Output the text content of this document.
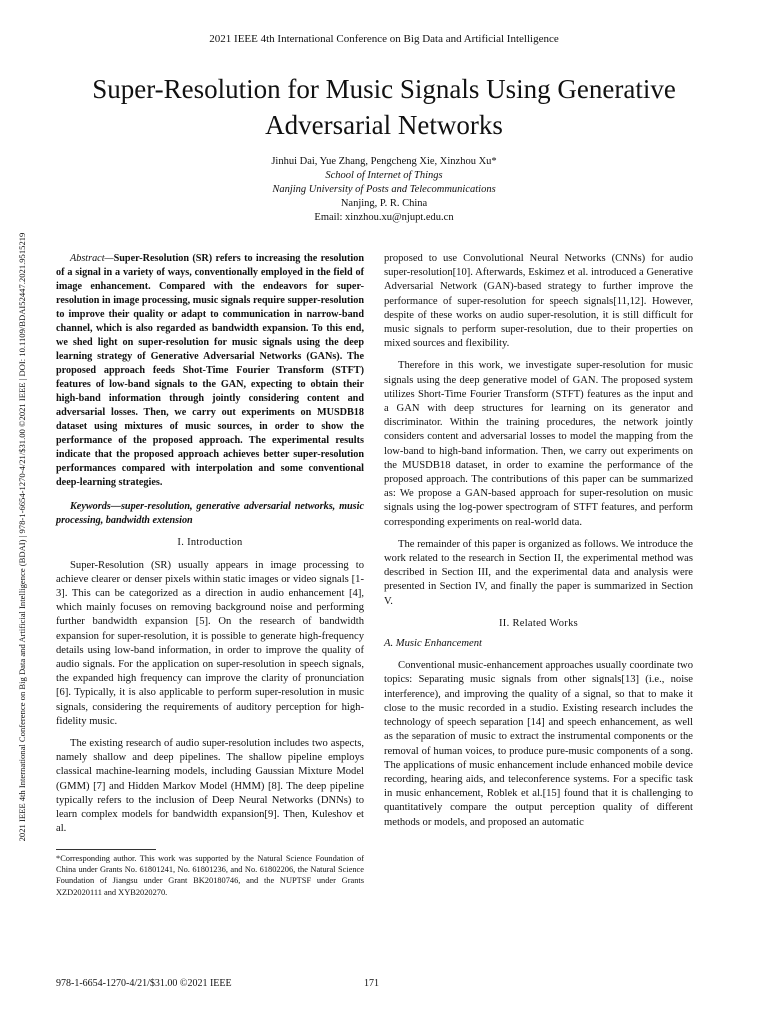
2021 IEEE 4th International Conference on Big Data and Artificial Intelligence
Super-Resolution for Music Signals Using Generative
Adversarial Networks
Jinhui Dai, Yue Zhang, Pengcheng Xie, Xinzhou Xu*
School of Internet of Things
Nanjing University of Posts and Telecommunications
Nanjing, P. R. China
Email: xinzhou.xu@njupt.edu.cn
2021 IEEE 4th International Conference on Big Data and Artificial Intelligence (BDAI) | 978-1-6654-1270-4/21/$31.00 ©2021 IEEE | DOI: 10.1109/BDAI52447.2021.9515219	Abstract—Super-Resolution (SR) refers to increasing the resolution of a signal in a variety of ways, conventionally employed in the field of image enhancement. Compared with the endeavors for super-resolution in image processing, music signals require supper-resolution to improve their quality or adapt to communication in narrow-band channel, which is also regarded as bandwidth expansion. To this end, we shed light on super-resolution for music signals using the deep learning strategy of Generative Adversarial Networks (GANs). The proposed approach feeds Shot-Time Fourier Transform (STFT) features of low-band signals to the GAN, expecting to obtain their high-band information through jointly considering content and adversarial losses. Then, we carry out experiments on MUSDB18 dataset using mixtures of music sources, in order to show the performance of the proposed approach. The experimental results indicate that the proposed approach achieves better super-resolution performances compared with interpolation and some conventional deep-learning strategies.

Keywords—super-resolution, generative adversarial networks, music processing, bandwidth extension

I. Introduction

Super-Resolution (SR) usually appears in image processing to achieve clearer or denser pixels within static images or video signals [1-3]. This can be categorized as a direction in audio enhancement [4], which mainly focuses on removing background noise and performing further bandwidth expansion [5]. On the research of bandwidth expansion for super-resolution, it is possible to generate high-frequency details using low-band information, in order to improve the quality of audio signals. For the application on super-resolution in speech signals, the expanded high frequency can improve the clarity of pronunciation [6]. Typically, it is also applicable to perform super-resolution in music signals, considering the requirements of auditory perception for high-fidelity music.

The existing research of audio super-resolution includes two aspects, namely shallow and deep pipelines. The shallow pipeline employs classical machine-learning models, including Gaussian Mixture Model (GMM) [7] and Hidden Markov Model (HMM) [8]. The deep pipeline typically refers to the inclusion of Deep Neural Networks (DNNs) to learn complex models for bandwidth expansion[9]. Then, Kuleshov et al.

*Corresponding author. This work was supported by the Natural Science Foundation of China under Grants No. 61801241, No. 61801236, and No. 61802206, the Natural Science Foundation of Jiangsu under Grant BK20180746, and the NUPTSF under Grants XZD2020111 and XYB2020270.

proposed to use Convolutional Neural Networks (CNNs) for audio super-resolution[10]. Afterwards, Eskimez et al. introduced a Generative Adversarial Network (GAN)-based strategy to further improve the performance of super-resolution for speech signals[11,12]. However, despite of these works on audio super-resolution, it is still difficult for music signals to perform super-resolution, due to their properties on mixed sources and flexibility.

Therefore in this work, we investigate super-resolution for music signals using the deep generative model of GAN. The proposed system utilizes Short-Time Fourier Transform (STFT) features as the input and a GAN with deep structures for learning on its generator and discriminator. Within the training procedures, the network jointly considers content and adversarial losses to model the mapping from the low-band to high-band information. Then, we carry out experiments on the MUSDB18 dataset, in order to examine the performance of the proposed approach. The contributions of this paper can be summarized as: We propose a GAN-based approach for super-resolution on music signals using the log-power spectrogram of STFT features, and perform corresponding experiments on real-world data.

The remainder of this paper is organized as follows. We introduce the work related to the research in Section II, the experimental method was described in Section III, and the experimental data and analysis were presented in Section IV, and finally the paper is summarized in Section V.

II. Related Works

A. Music Enhancement

Conventional music-enhancement approaches usually coordinate two topics: Separating music signals from other signals[13] (i.e., noise interference), and improving the quality of a signal, so that to make it close to the music recorded in a studio. Existing research includes the technology of speech separation [14] and speech enhancement, as well as the separation of music to extract the instrumental components or the removal of human voices, to produce pure-music components of a song. The applications of music enhancement include enhanced mobile device recording, hearing aids, and teleconference systems. For a specific task in music enhancement, Roblek et al.[15] found that it is challenging to quantitatively compare the output perception quality of different methods or models, and proposed an automatic

978-1-6654-1270-4/21/$31.00 ©2021 IEEE	171
